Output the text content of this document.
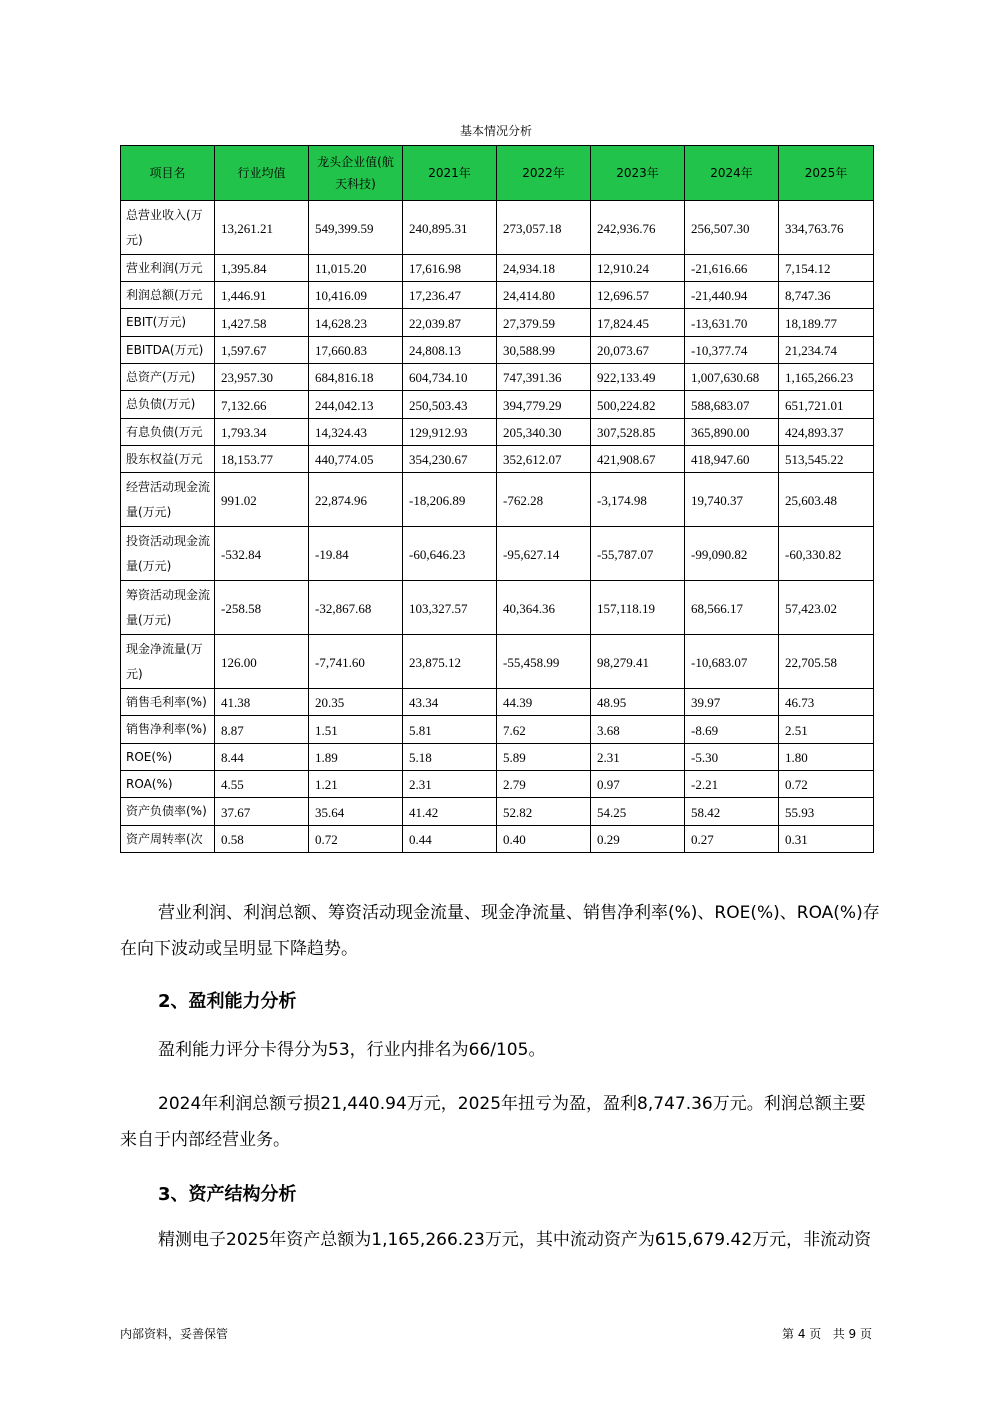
基本情况分析
项目名	行业均值	龙头企业值(航天科技)	2021年	2022年	2023年	2024年	2025年
总营业收入(万元)	13,261.21	549,399.59	240,895.31	273,057.18	242,936.76	256,507.30	334,763.76
营业利润(万元	1,395.84	11,015.20	17,616.98	24,934.18	12,910.24	-21,616.66	7,154.12
利润总额(万元	1,446.91	10,416.09	17,236.47	24,414.80	12,696.57	-21,440.94	8,747.36
EBIT(万元)	1,427.58	14,628.23	22,039.87	27,379.59	17,824.45	-13,631.70	18,189.77
EBITDA(万元)	1,597.67	17,660.83	24,808.13	30,588.99	20,073.67	-10,377.74	21,234.74
总资产(万元)	23,957.30	684,816.18	604,734.10	747,391.36	922,133.49	1,007,630.68	1,165,266.23
总负债(万元)	7,132.66	244,042.13	250,503.43	394,779.29	500,224.82	588,683.07	651,721.01
有息负债(万元	1,793.34	14,324.43	129,912.93	205,340.30	307,528.85	365,890.00	424,893.37
股东权益(万元	18,153.77	440,774.05	354,230.67	352,612.07	421,908.67	418,947.60	513,545.22
经营活动现金流量(万元)	991.02	22,874.96	-18,206.89	-762.28	-3,174.98	19,740.37	25,603.48
投资活动现金流量(万元)	-532.84	-19.84	-60,646.23	-95,627.14	-55,787.07	-99,090.82	-60,330.82
筹资活动现金流量(万元)	-258.58	-32,867.68	103,327.57	40,364.36	157,118.19	68,566.17	57,423.02
现金净流量(万元)	126.00	-7,741.60	23,875.12	-55,458.99	98,279.41	-10,683.07	22,705.58
销售毛利率(%)	41.38	20.35	43.34	44.39	48.95	39.97	46.73
销售净利率(%)	8.87	1.51	5.81	7.62	3.68	-8.69	2.51
ROE(%)	8.44	1.89	5.18	5.89	2.31	-5.30	1.80
ROA(%)	4.55	1.21	2.31	2.79	0.97	-2.21	0.72
资产负债率(%)	37.67	35.64	41.42	52.82	54.25	58.42	55.93
资产周转率(次	0.58	0.72	0.44	0.40	0.29	0.27	0.31
营业利润、利润总额、筹资活动现金流量、现金净流量、销售净利率(%)、ROE(%)、ROA(%)存在向下波动或呈明显下降趋势。
2、盈利能力分析
盈利能力评分卡得分为53，行业内排名为66/105。
2024年利润总额亏损21,440.94万元，2025年扭亏为盈，盈利8,747.36万元。利润总额主要来自于内部经营业务。
3、资产结构分析
精测电子2025年资产总额为1,165,266.23万元，其中流动资产为615,679.42万元，非流动资
内部资料，妥善保管	第 4 页   共 9 页
